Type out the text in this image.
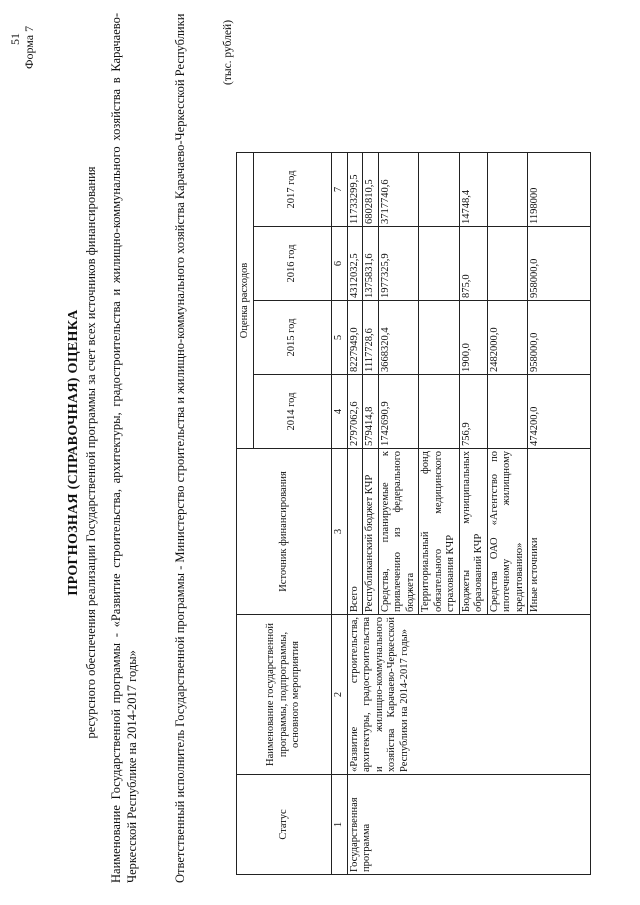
51 Форма 7
ПРОГНОЗНАЯ (СПРАВОЧНАЯ) ОЦЕНКА ресурсного обеспечения реализации Государственной программы за счет всех источников финансирования Наименование Государственной программы - «Развитие строительства, архитектуры, градостроительства и жилищно-коммунального хозяйства в Карачаево-Черкесской Республике на 2014-2017 годы»	Ответственный исполнитель Государственной программы - Министерство строительства и жилищно-коммунального хозяйства Карачаево-Черкесской Республики	(тыс. рублей)
Статус	Наименование государственной программы, подпрограммы, основного мероприятия	Источник финансирования	Оценка расходов			
			2014 год	2015 год	2016 год	2017 год
1	2	3	4	5	6	7
Государственная программа	«Развитие строительства, архитектуры, градостроительства и жилищно-коммунального хозяйства Карачаево-Черкесской Республики на 2014-2017 годы»	Всего	2797062,6	8227949,0	4312032,5	11733299,5
		Республиканский бюджет КЧР	579414,8	1117728,6	1375831,6	6802810,5
		Средства, планируемые к привлечению из федерального бюджета	1742690,9	3668320,4	1977325,9	3717740,6
		Территориальный фонд обязательного медицинского страхования КЧР				
		Бюджеты муниципальных образований КЧР	756,9	1900,0	875,0	14748,4
		Средства ОАО «Агентство по ипотечному жилищному кредитованию»		2482000,0		
		Иные источники	474200,0	958000,0	958000,0	1198000
